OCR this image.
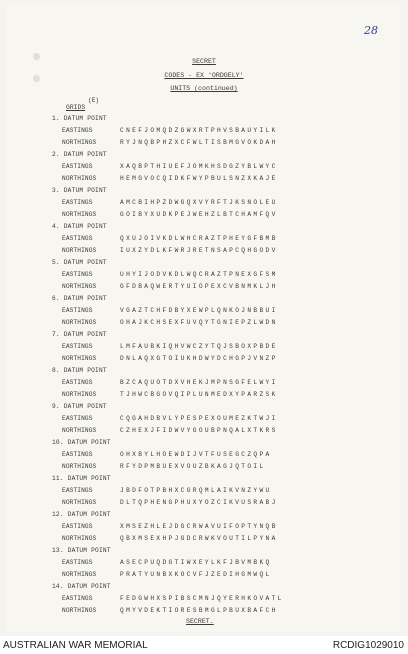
28
SECRET
CODES - EX 'ORDGELY'
UNITS (continued)
(E)
GRIDS
1. DATUM POINT
EASTINGS	CNEFJOMQDZGWXRTPHVSBAUYILK
NORTHINGS	RYJNQBPHZXCFWLTISBMGVOKDAH
2. DATUM POINT
EASTINGS	XAQBPTHIUEFJOMKHSDGZYBLWYC
NORTHINGS	HEMGVOCQIDKFWYPBULSNZXKAJE
3. DATUM POINT
EASTINGS	AMCBIHPZDWGQXVYRFTJKSNOLEU
NORTHINGS	GOIBYXUDKPEJWEHZLBTCHAMFQV
4. DATUM POINT
EASTINGS	QXUJOIVKDLWHCRAZTPHEYGFBMB
NORTHINGS	IUXZYDLKFWRJRETNSAPCQHGODV
5. DATUM POINT
EASTINGS	UHYIJODVKDLWQCRAZTPNEXGFSM
NORTHINGS	GFDBAQWERTYUIOPEXCVBNMKLJH
6. DATUM POINT
EASTINGS	VGAZTCHFDBYXEWPLQNKOJNBBUI
NORTHINGS	OHAJKCHSEXFUVQYTGNIEPZLWDN
7. DATUM POINT
EASTINGS	LMFAUBKIQHVWCZYTQJSBOXPBDE
NORTHINGS	DNLAQXGTOIUKHDWYDCHGPJVNZP
8. DATUM POINT
EASTINGS	BZCAQUOTDXVHEKJMPNSGFELWYI
NORTHINGS	TJHWCBGOVQIPLUNMEDXYPARZSK
9. DATUM POINT
EASTINGS	CQGAHDBVLYPESPEXOUMEZKTWJI
NORTHINGS	CZHEXJFIDWVYGOUBPNQALXTKRS
10. DATUM POINT
EASTINGS	OHXBYLHOEWDIJVTFUSEGCZQPA
NORTHINGS	RFYDPMBUEXVOUZBKAGJQTOIL
11. DATUM POINT
EASTINGS	JBDFOTPBHXCGRQMLAIKVNZYWU
NORTHINGS	DLTQPHENGPHUXYOZCIKVUSRABJ
12. DATUM POINT
EASTINGS	XMSEZHLEJDGCRWAVUIFOPTYNQB
NORTHINGS	QBXMSEXHPJGDCRWKVOUTILPYNA
13. DATUM POINT
EASTINGS	ASECPUQDGTIWXEYLKFJBVMBKQ
NORTHINGS	PRATYUNBXKOCVFJZEDIHGMWQL
14. DATUM POINT
EASTINGS	FEDGWHXSPIBSCMNJQYERHKOVATL
NORTHINGS	QMYVDEKTIORESBMGLPBUXBAFCH
SECRET.
AUSTRALIAN WAR MEMORIAL	RCDIG1029010
